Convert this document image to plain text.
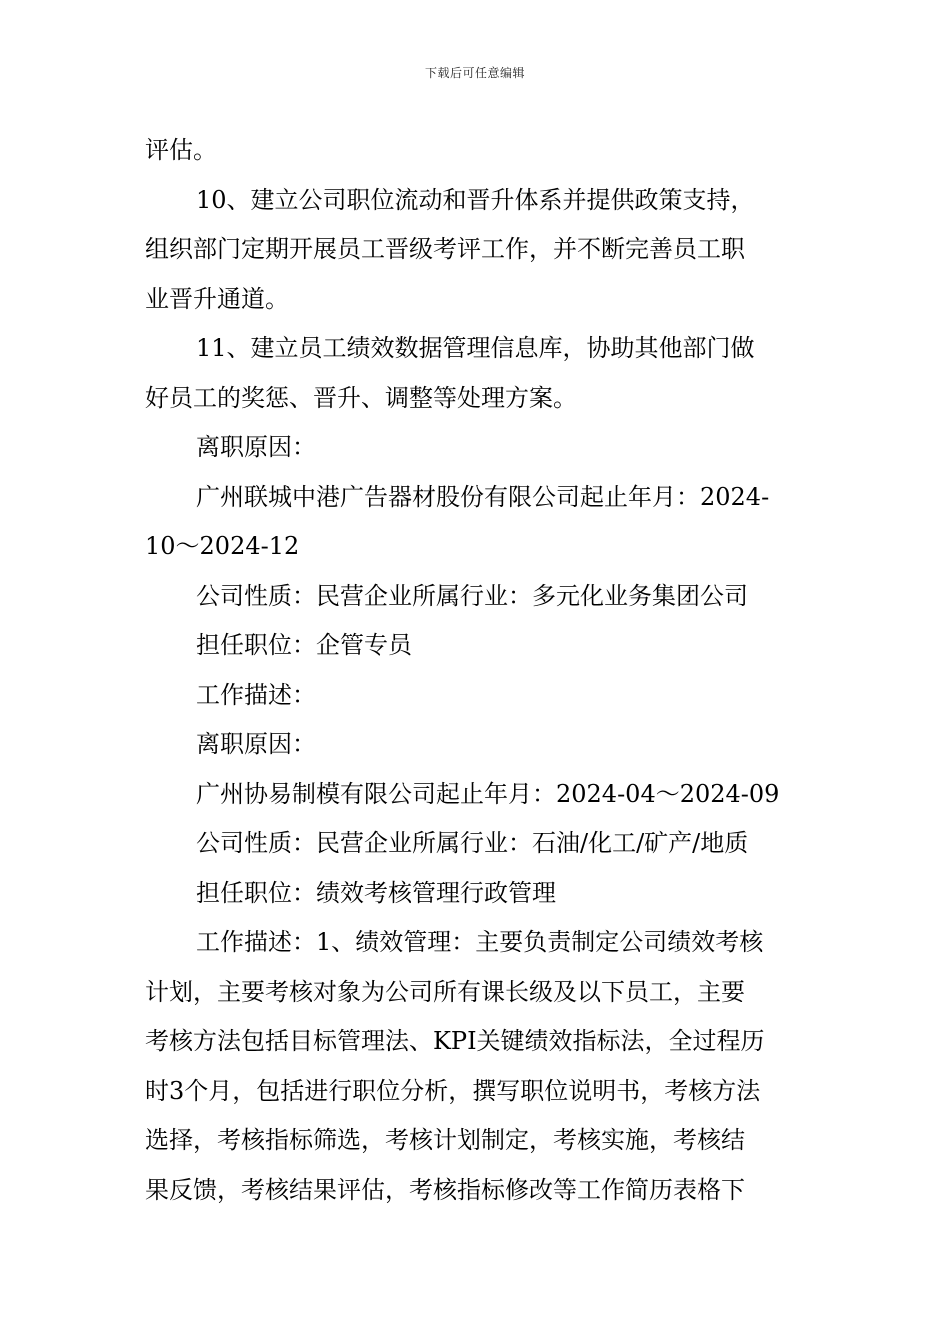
下载后可任意编辑

评估。

10、建立公司职位流动和晋升体系并提供政策支持，
组织部门定期开展员工晋级考评工作，并不断完善员工职
业晋升通道。

11、建立员工绩效数据管理信息库，协助其他部门做
好员工的奖惩、晋升、调整等处理方案。

离职原因：

广州联城中港广告器材股份有限公司起止年月：2024-
10～2024-12

公司性质：民营企业所属行业：多元化业务集团公司

担任职位：企管专员

工作描述：

离职原因：

广州协易制模有限公司起止年月：2024-04～2024-09

公司性质：民营企业所属行业：石油/化工/矿产/地质

担任职位：绩效考核管理行政管理

工作描述：1、绩效管理：主要负责制定公司绩效考核
计划，主要考核对象为公司所有课长级及以下员工，主要
考核方法包括目标管理法、KPI关键绩效指标法，全过程历
时3个月，包括进行职位分析，撰写职位说明书，考核方法
选择，考核指标筛选，考核计划制定，考核实施，考核结
果反馈，考核结果评估，考核指标修改等工作简历表格下
